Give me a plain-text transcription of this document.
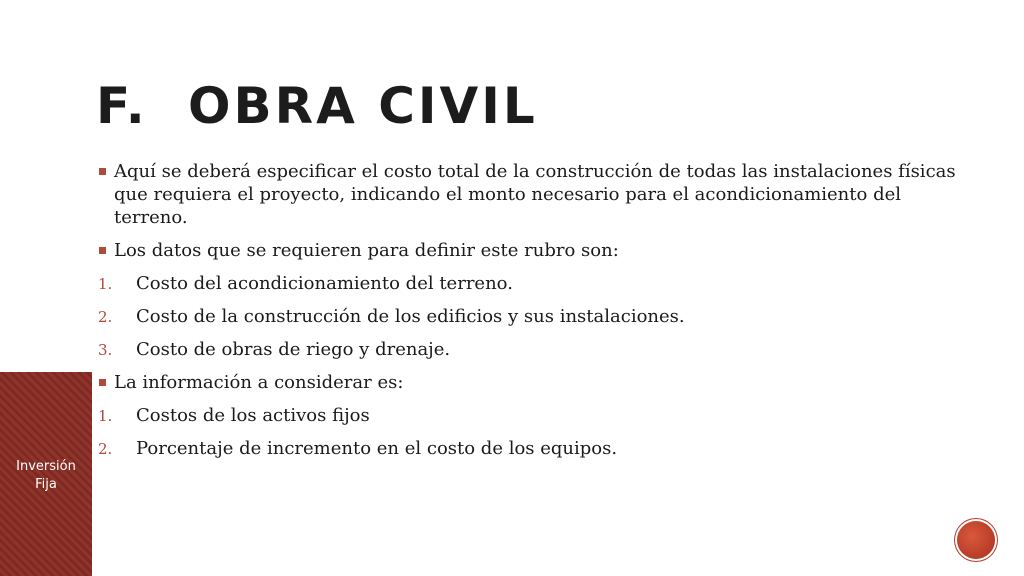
F. OBRA CIVIL
Aquí se deberá especificar el costo total de la construcción de todas las instalaciones físicas que requiera el proyecto, indicando el monto necesario para el acondicionamiento del terreno.
Los datos que se requieren para definir este rubro son:
1. Costo del acondicionamiento del terreno.
2. Costo de la construcción de los edificios y sus instalaciones.
3. Costo de obras de riego y drenaje.
La información a considerar es:
1. Costos de los activos fijos
2. Porcentaje de incremento en el costo de los equipos.
Inversión
Fija
